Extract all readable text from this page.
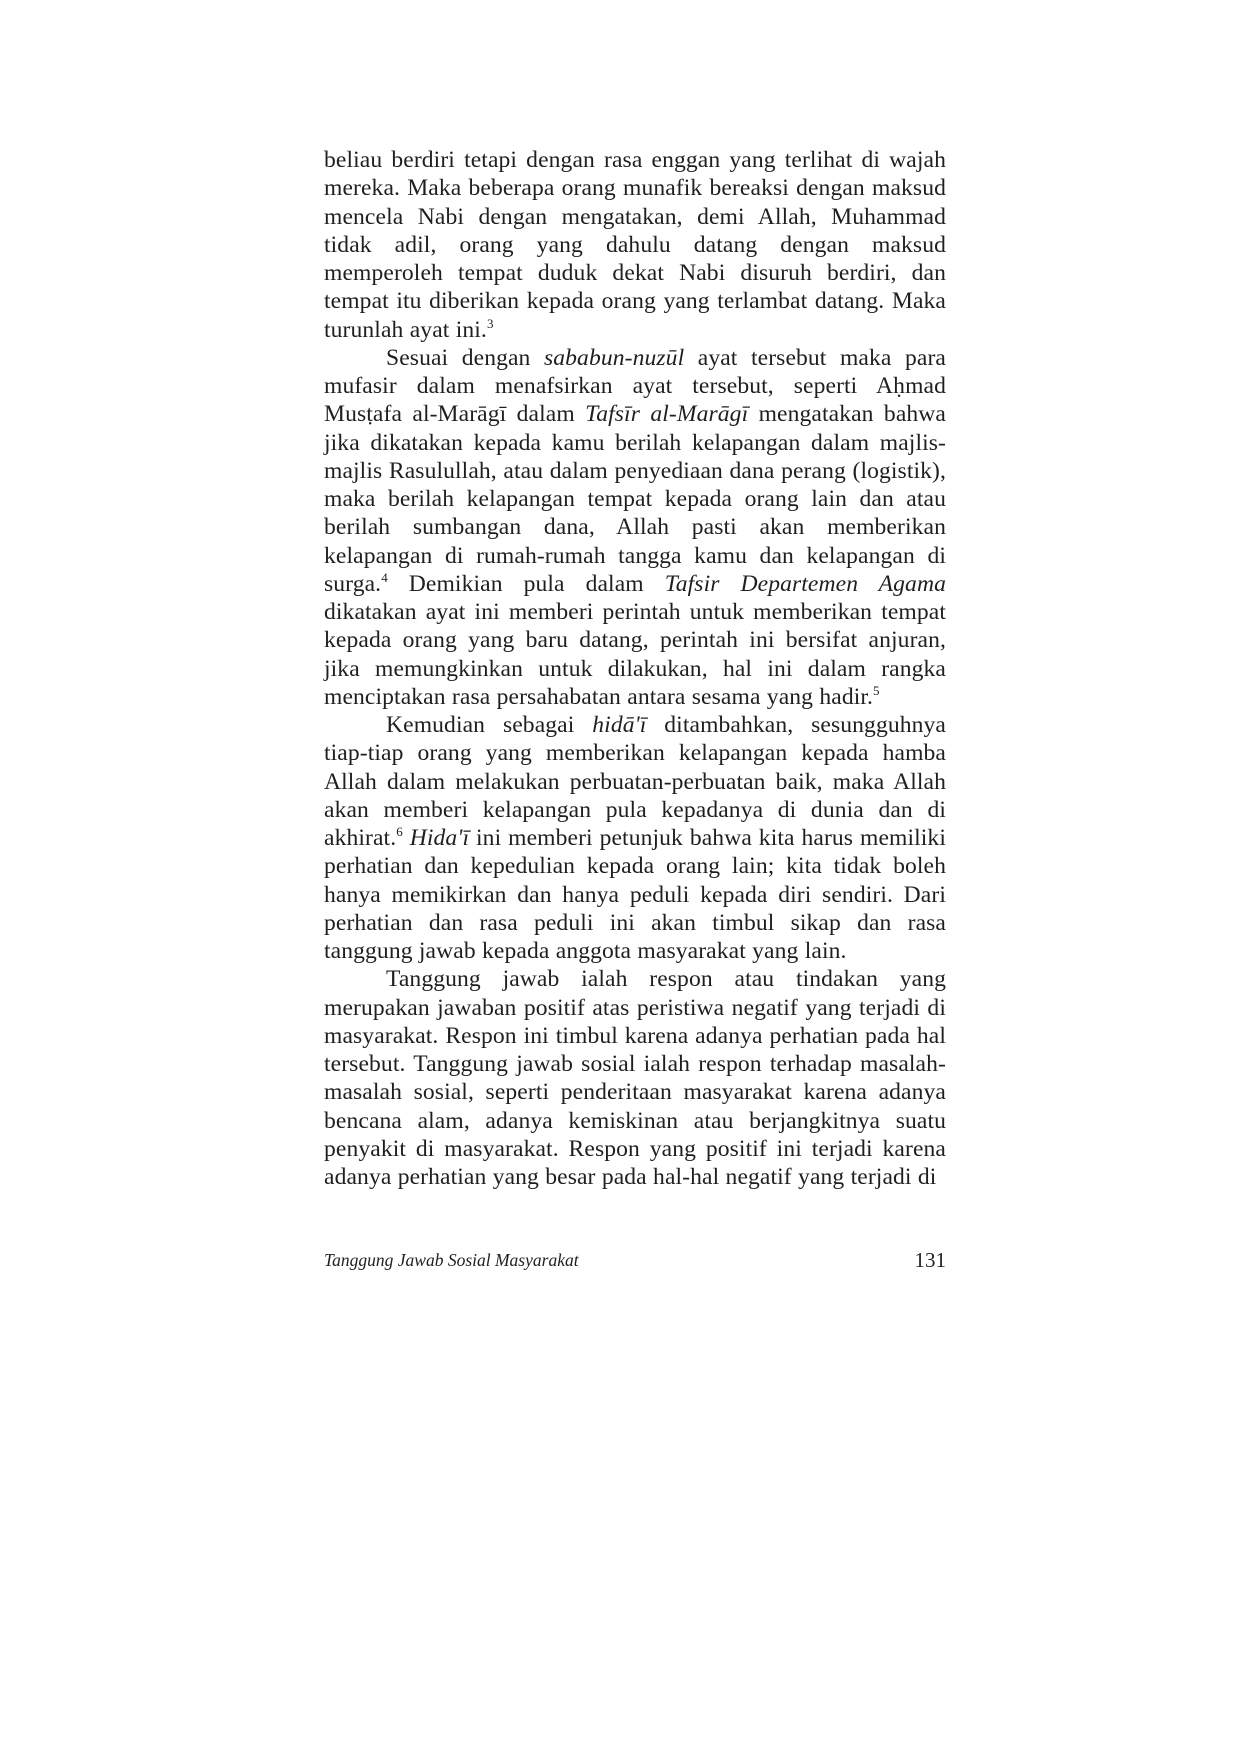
beliau berdiri tetapi dengan rasa enggan yang terlihat di wajah mereka. Maka beberapa orang munafik bereaksi dengan maksud mencela Nabi dengan mengatakan, demi Allah, Muhammad tidak adil, orang yang dahulu datang dengan maksud memperoleh tempat duduk dekat Nabi disuruh berdiri, dan tempat itu diberikan kepada orang yang terlambat datang. Maka turunlah ayat ini.$^3$

Sesuai dengan sababun-nuzūl ayat tersebut maka para mufasir dalam menafsirkan ayat tersebut, seperti Aḥmad Musṭafa al-Marāgī dalam Tafsīr al-Marāgī mengatakan bahwa jika dikatakan kepada kamu berilah kelapangan dalam majlis-majlis Rasulullah, atau dalam penyediaan dana perang (logistik), maka berilah kelapangan tempat kepada orang lain dan atau berilah sumbangan dana, Allah pasti akan memberikan kelapangan di rumah-rumah tangga kamu dan kelapangan di surga.$^4$ Demikian pula dalam Tafsir Departemen Agama dikatakan ayat ini memberi perintah untuk memberikan tempat kepada orang yang baru datang, perintah ini bersifat anjuran, jika memungkinkan untuk dilakukan, hal ini dalam rangka menciptakan rasa persahabatan antara sesama yang hadir.$^5$

Kemudian sebagai hidā'ī ditambahkan, sesungguhnya tiap-tiap orang yang memberikan kelapangan kepada hamba Allah dalam melakukan perbuatan-perbuatan baik, maka Allah akan memberi kelapangan pula kepadanya di dunia dan di akhirat.$^6$ Hida'ī ini memberi petunjuk bahwa kita harus memiliki perhatian dan kepedulian kepada orang lain; kita tidak boleh hanya memikirkan dan hanya peduli kepada diri sendiri. Dari perhatian dan rasa peduli ini akan timbul sikap dan rasa tanggung jawab kepada anggota masyarakat yang lain.

Tanggung jawab ialah respon atau tindakan yang merupakan jawaban positif atas peristiwa negatif yang terjadi di masyarakat. Respon ini timbul karena adanya perhatian pada hal tersebut. Tanggung jawab sosial ialah respon terhadap masalah-masalah sosial, seperti penderitaan masyarakat karena adanya bencana alam, adanya kemiskinan atau berjangkitnya suatu penyakit di masyarakat. Respon yang positif ini terjadi karena adanya perhatian yang besar pada hal-hal negatif yang terjadi di

Tanggung Jawab Sosial Masyarakat	131
